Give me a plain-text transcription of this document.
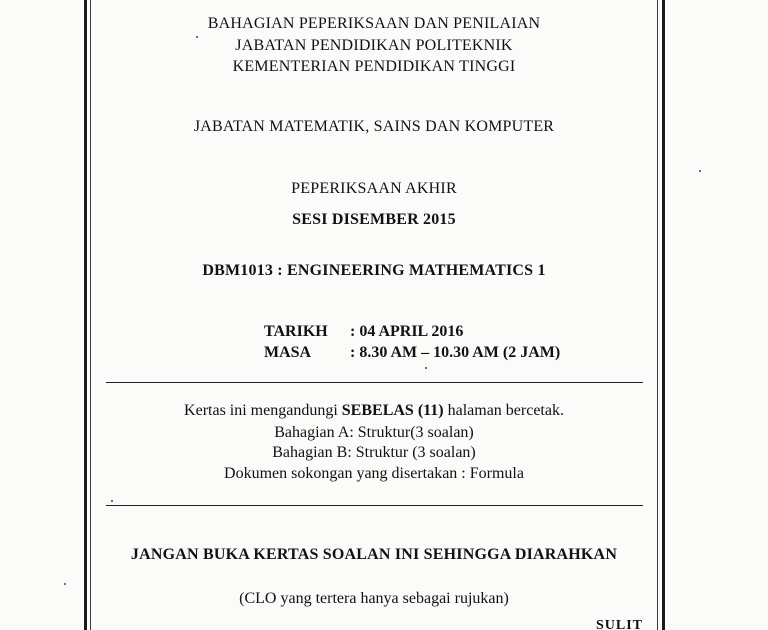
BAHAGIAN PEPERIKSAAN DAN PENILAIAN
JABATAN PENDIDIKAN POLITEKNIK
KEMENTERIAN PENDIDIKAN TINGGI
JABATAN MATEMATIK, SAINS DAN KOMPUTER
PEPERIKSAAN AKHIR
SESI DISEMBER 2015
DBM1013 : ENGINEERING MATHEMATICS 1
TARIKH : 04 APRIL 2016
MASA : 8.30 AM – 10.30 AM (2 JAM)
Kertas ini mengandungi SEBELAS (11) halaman bercetak.
Bahagian A: Struktur(3 soalan)
Bahagian B: Struktur (3 soalan)
Dokumen sokongan yang disertakan : Formula
JANGAN BUKA KERTAS SOALAN INI SEHINGGA DIARAHKAN
(CLO yang tertera hanya sebagai rujukan)
SULIT
